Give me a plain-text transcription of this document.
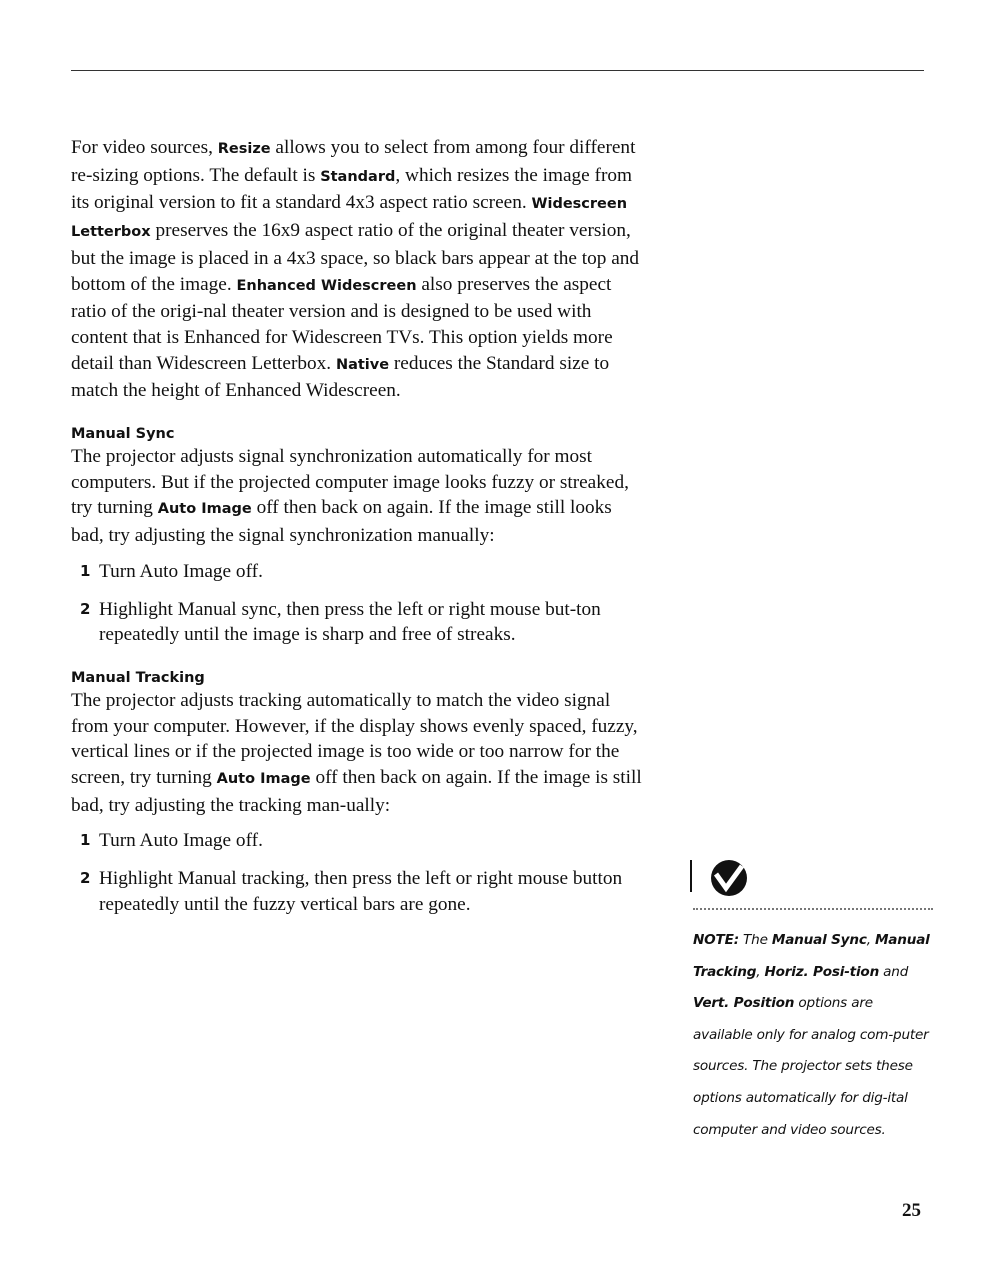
For video sources, Resize allows you to select from among four different re-sizing options. The default is Standard, which resizes the image from its original version to fit a standard 4x3 aspect ratio screen. Widescreen Letterbox preserves the 16x9 aspect ratio of the original theater version, but the image is placed in a 4x3 space, so black bars appear at the top and bottom of the image. Enhanced Widescreen also preserves the aspect ratio of the origi-nal theater version and is designed to be used with content that is Enhanced for Widescreen TVs. This option yields more detail than Widescreen Letterbox. Native reduces the Standard size to match the height of Enhanced Widescreen.

Manual Sync

The projector adjusts signal synchronization automatically for most computers. But if the projected computer image looks fuzzy or streaked, try turning Auto Image off then back on again. If the image still looks bad, try adjusting the signal synchronization manually:

1 Turn Auto Image off.
2 Highlight Manual sync, then press the left or right mouse but-ton repeatedly until the image is sharp and free of streaks.

Manual Tracking

The projector adjusts tracking automatically to match the video signal from your computer. However, if the display shows evenly spaced, fuzzy, vertical lines or if the projected image is too wide or too narrow for the screen, try turning Auto Image off then back on again. If the image is still bad, try adjusting the tracking man-ually:

1 Turn Auto Image off.
2 Highlight Manual tracking, then press the left or right mouse button repeatedly until the fuzzy vertical bars are gone.
NOTE: The Manual Sync, Manual Tracking, Horiz. Posi-tion and Vert. Position options are available only for analog com-puter sources. The projector sets these options automatically for dig-ital computer and video sources.
25
